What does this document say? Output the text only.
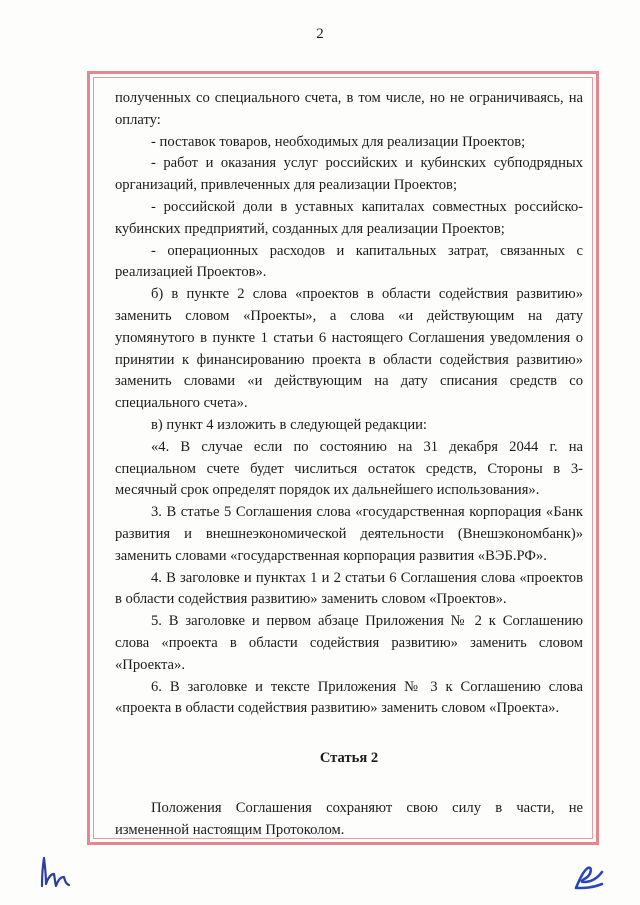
2

полученных со специального счета, в том числе, но не ограничиваясь, на оплату:

- поставок товаров, необходимых для реализации Проектов;

- работ и оказания услуг российских и кубинских субподрядных организаций, привлеченных для реализации Проектов;

- российской доли в уставных капиталах совместных российско-кубинских предприятий, созданных для реализации Проектов;

- операционных расходов и капитальных затрат, связанных с реализацией Проектов».

б) в пункте 2 слова «проектов в области содействия развитию» заменить словом «Проекты», а слова «и действующим на дату упомянутого в пункте 1 статьи 6 настоящего Соглашения уведомления о принятии к финансированию проекта в области содействия развитию» заменить словами «и действующим на дату списания средств со специального счета».

в) пункт 4 изложить в следующей редакции:

«4. В случае если по состоянию на 31 декабря 2044 г. на специальном счете будет числиться остаток средств, Стороны в 3-месячный срок определят порядок их дальнейшего использования».

3. В статье 5 Соглашения слова «государственная корпорация «Банк развития и внешнеэкономической деятельности (Внешэкономбанк)» заменить словами «государственная корпорация развития «ВЭБ.РФ».

4. В заголовке и пунктах 1 и 2 статьи 6 Соглашения слова «проектов в области содействия развитию» заменить словом «Проектов».

5. В заголовке и первом абзаце Приложения № 2 к Соглашению слова «проекта в области содействия развитию» заменить словом «Проекта».

6. В заголовке и тексте Приложения № 3 к Соглашению слова «проекта в области содействия развитию» заменить словом «Проекта».

Статья 2

Положения Соглашения сохраняют свою силу в части, не измененной настоящим Протоколом.
